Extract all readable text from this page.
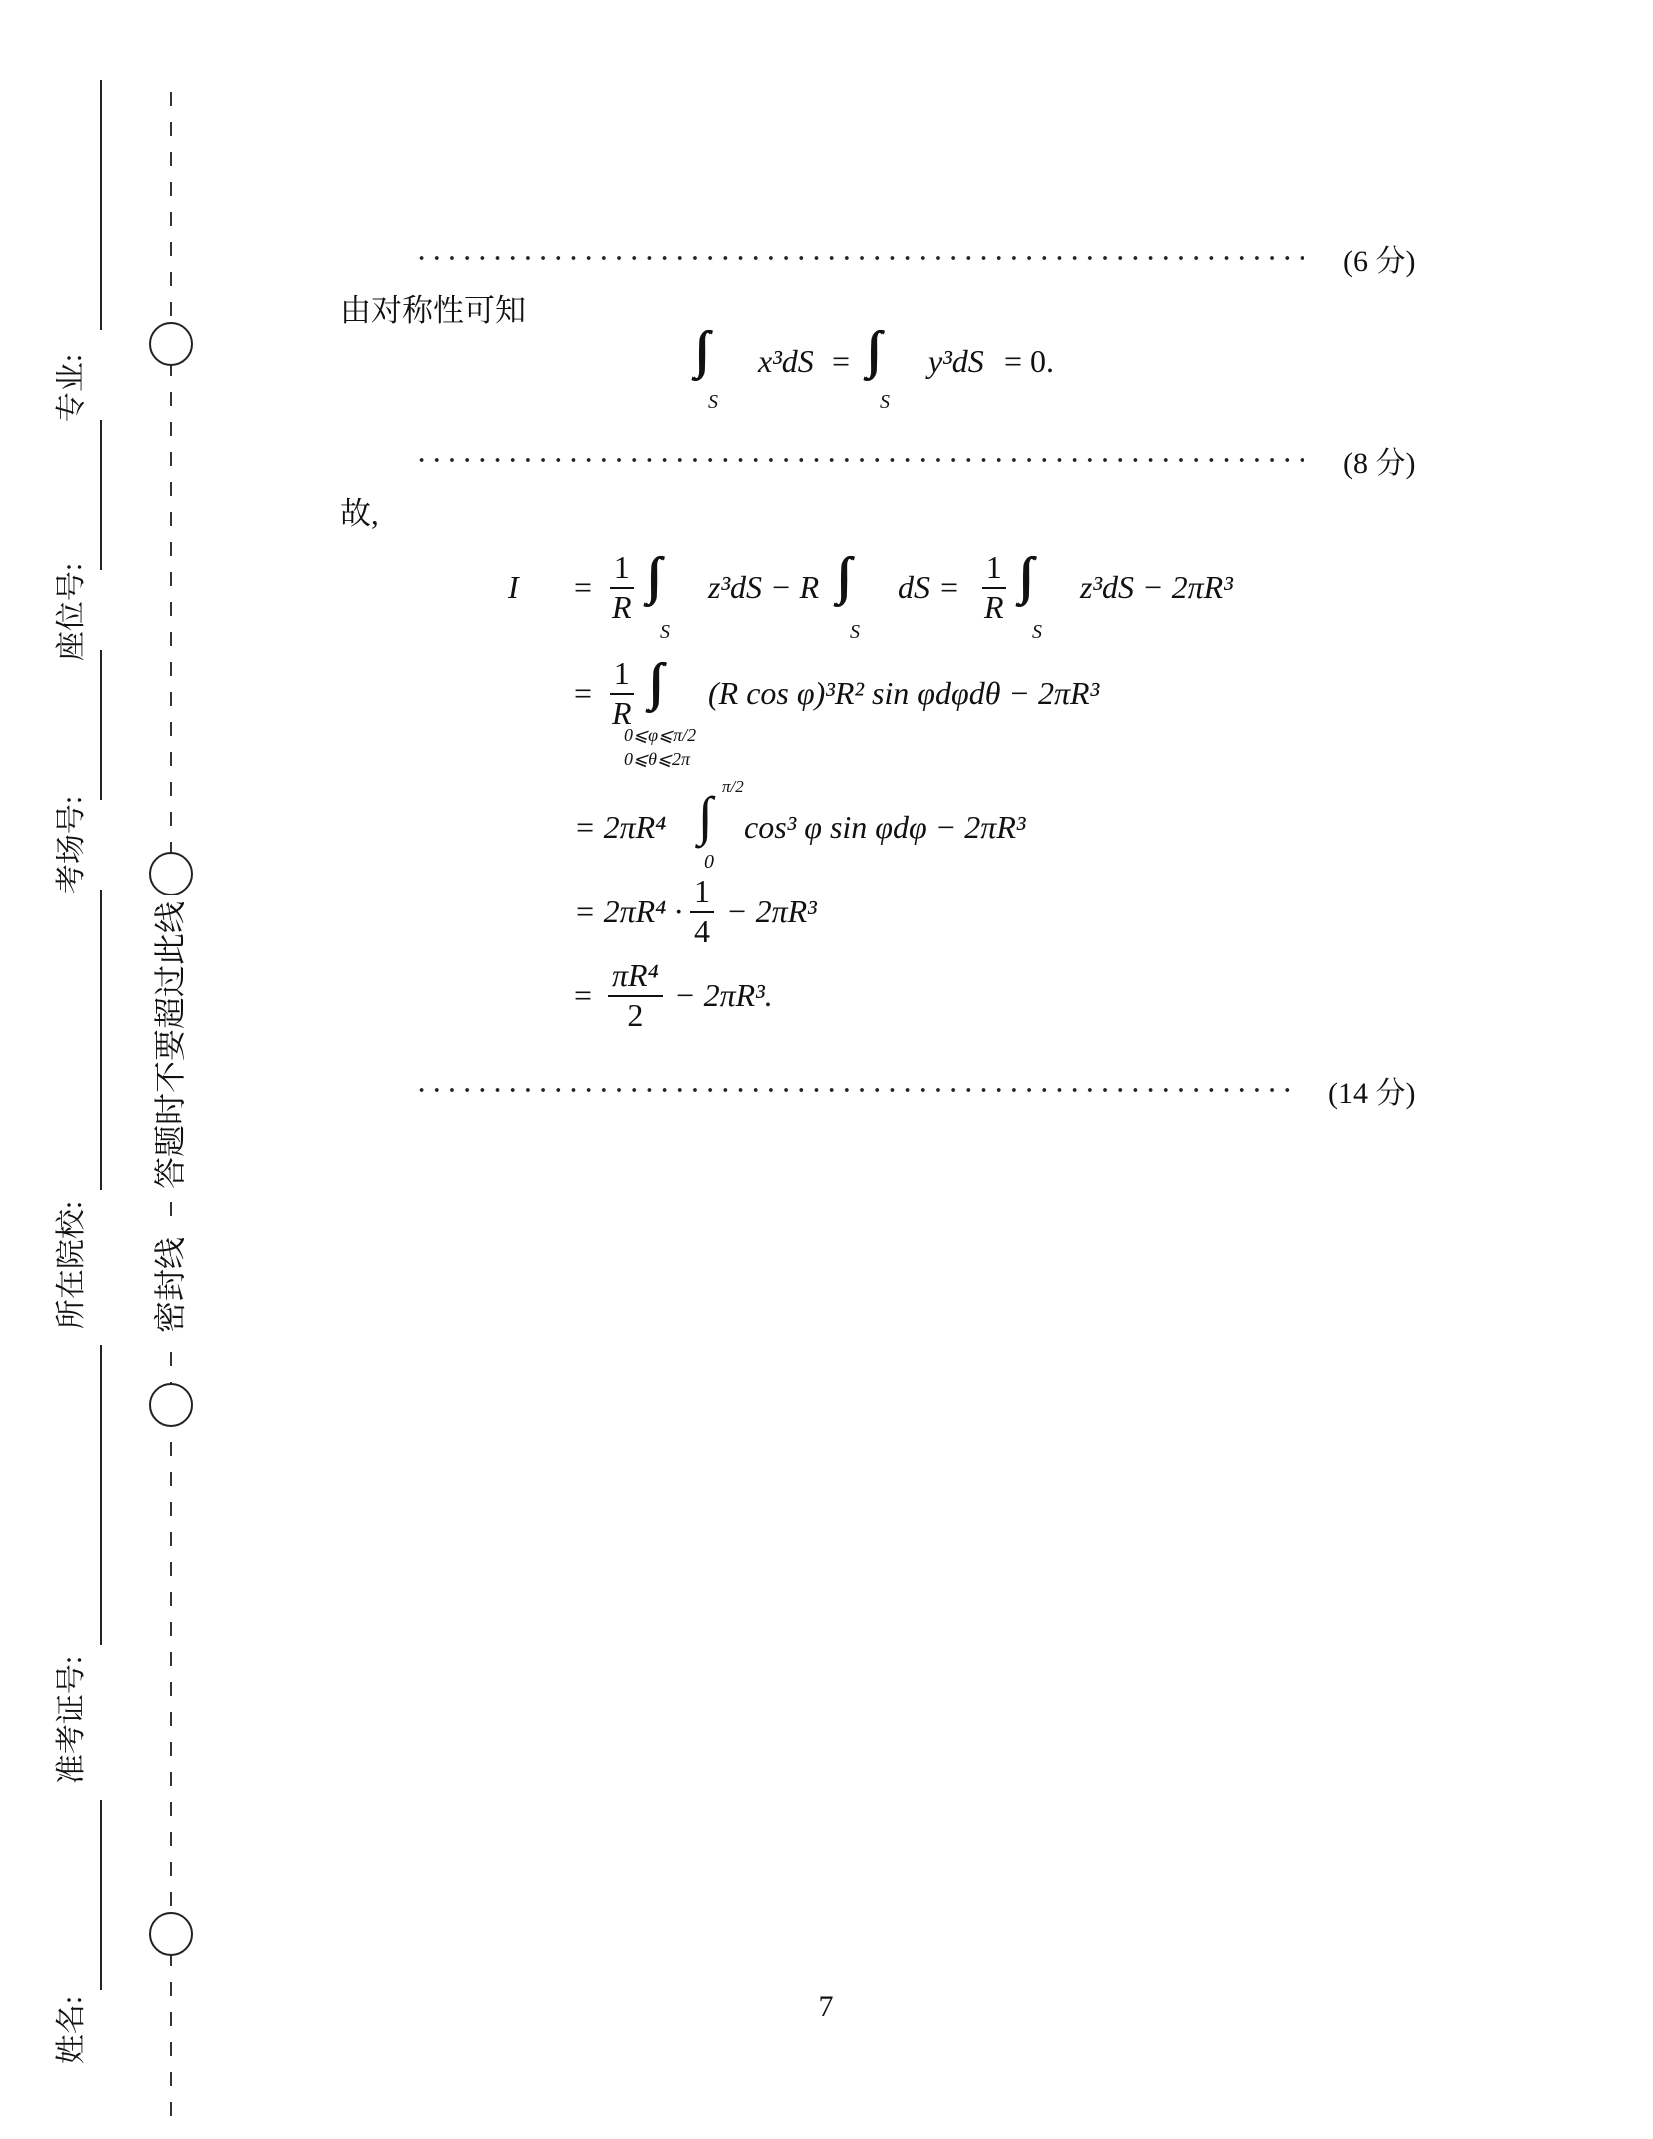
专业:
座位号:
考场号:
所在院校:
准考证号:
姓名:
答题时不要超过此线
密封线
(6 分)
由对称性可知
S
x³dS =
S
y³dS = 0.
(8 分)
故,
$I = \frac{1}{R}$
S
z³dS − R
S
dS = $\frac{1}{R}$
S
z³dS − 2πR³
= $\frac{1}{R}$
0⩽φ⩽π/2
0⩽θ⩽2π
(R cos φ)³R² sin φdφdθ − 2πR³
= 2πR⁴ ∫ π/2
0
cos³ φ sin φdφ − 2πR³
= $2\pi R^4 \cdot \frac{1}{4} - 2\pi R^3$
= $\frac{\text{πR⁴}}{2} - 2\pi R^3$.
(14 分)
7
